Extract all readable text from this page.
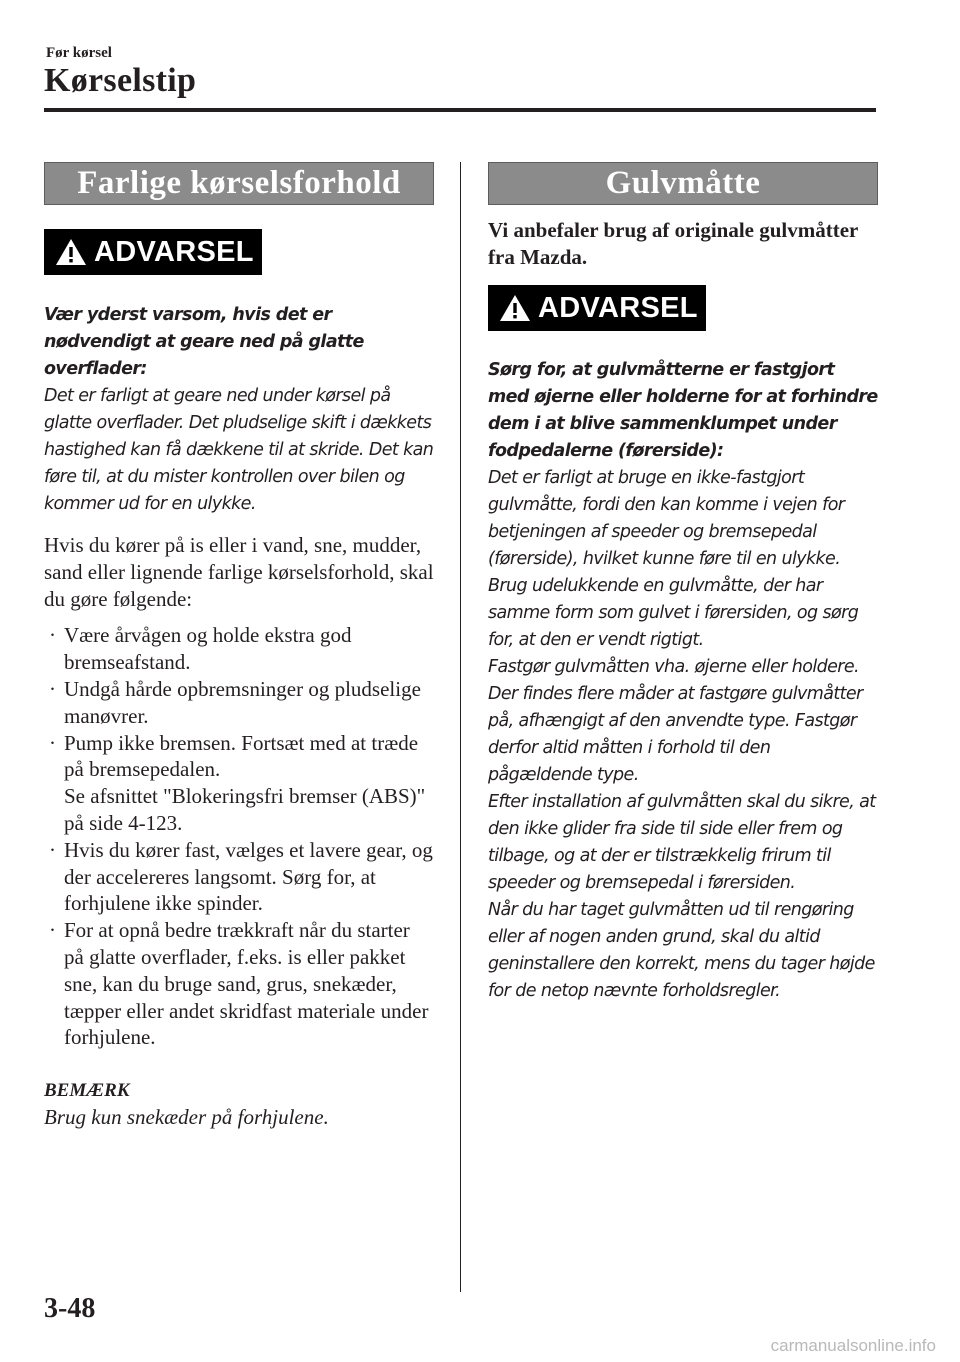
Før kørsel
Kørselstip
Farlige kørselsforhold
ADVARSEL

Vær yderst varsom, hvis det er nødvendigt at geare ned på glatte overflader:
Det er farligt at geare ned under kørsel på glatte overflader. Det pludselige skift i dækkets hastighed kan få dækkene til at skride. Det kan føre til, at du mister kontrollen over bilen og kommer ud for en ulykke.

Hvis du kører på is eller i vand, sne, mudder, sand eller lignende farlige kørselsforhold, skal du gøre følgende:

· Være årvågen og holde ekstra god bremseafstand.
· Undgå hårde opbremsninger og pludselige manøvrer.
· Pump ikke bremsen. Fortsæt med at træde på bremsepedalen.
Se afsnittet "Blokeringsfri bremser (ABS)" på side 4-123.
· Hvis du kører fast, vælges et lavere gear, og der accelereres langsomt. Sørg for, at forhjulene ikke spinder.
· For at opnå bedre trækkraft når du starter på glatte overflader, f.eks. is eller pakket sne, kan du bruge sand, grus, snekæder, tæpper eller andet skridfast materiale under forhjulene.

BEMÆRK

Brug kun snekæder på forhjulene.

Gulvmåtte

Vi anbefaler brug af originale gulvmåtter fra Mazda.

ADVARSEL

Sørg for, at gulvmåtterne er fastgjort med øjerne eller holderne for at forhindre dem i at blive sammenklumpet under fodpedalerne (førerside):
Det er farligt at bruge en ikke-fastgjort gulvmåtte, fordi den kan komme i vejen for betjeningen af speeder og bremsepedal (førerside), hvilket kunne føre til en ulykke.
Brug udelukkende en gulvmåtte, der har samme form som gulvet i førersiden, og sørg for, at den er vendt rigtigt.
Fastgør gulvmåtten vha. øjerne eller holdere.
Der findes flere måder at fastgøre gulvmåtter på, afhængigt af den anvendte type. Fastgør derfor altid måtten i forhold til den pågældende type.
Efter installation af gulvmåtten skal du sikre, at den ikke glider fra side til side eller frem og tilbage, og at der er tilstrækkelig frirum til speeder og bremsepedal i førersiden.
Når du har taget gulvmåtten ud til rengøring eller af nogen anden grund, skal du altid geninstallere den korrekt, mens du tager højde for de netop nævnte forholdsregler.

3-48
carmanualsonline.info
